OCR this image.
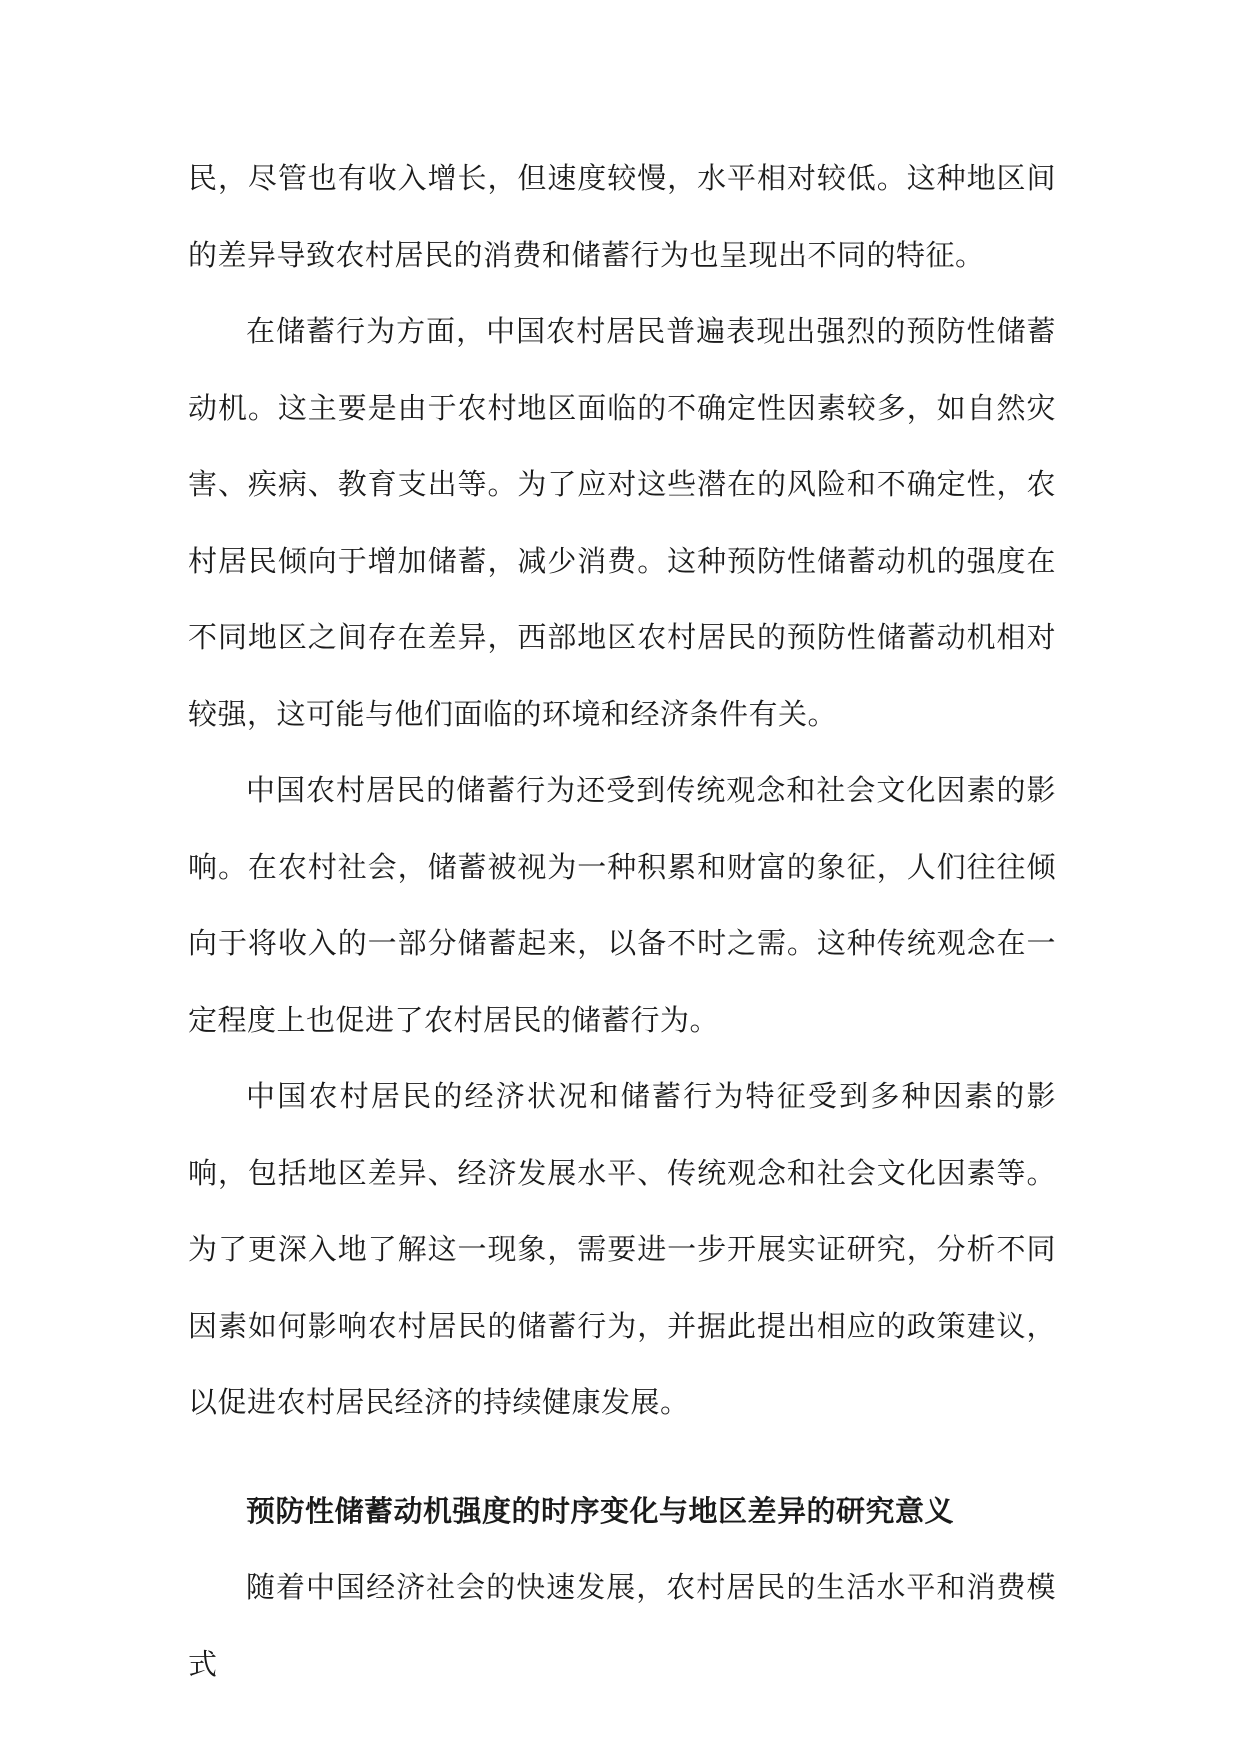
民，尽管也有收入增长，但速度较慢，水平相对较低。这种地区间的差异导致农村居民的消费和储蓄行为也呈现出不同的特征。

在储蓄行为方面，中国农村居民普遍表现出强烈的预防性储蓄动机。这主要是由于农村地区面临的不确定性因素较多，如自然灾害、疾病、教育支出等。为了应对这些潜在的风险和不确定性，农村居民倾向于增加储蓄，减少消费。这种预防性储蓄动机的强度在不同地区之间存在差异，西部地区农村居民的预防性储蓄动机相对较强，这可能与他们面临的环境和经济条件有关。

中国农村居民的储蓄行为还受到传统观念和社会文化因素的影响。在农村社会，储蓄被视为一种积累和财富的象征，人们往往倾向于将收入的一部分储蓄起来，以备不时之需。这种传统观念在一定程度上也促进了农村居民的储蓄行为。

中国农村居民的经济状况和储蓄行为特征受到多种因素的影响，包括地区差异、经济发展水平、传统观念和社会文化因素等。为了更深入地了解这一现象，需要进一步开展实证研究，分析不同因素如何影响农村居民的储蓄行为，并据此提出相应的政策建议，以促进农村居民经济的持续健康发展。

预防性储蓄动机强度的时序变化与地区差异的研究意义

随着中国经济社会的快速发展，农村居民的生活水平和消费模式
